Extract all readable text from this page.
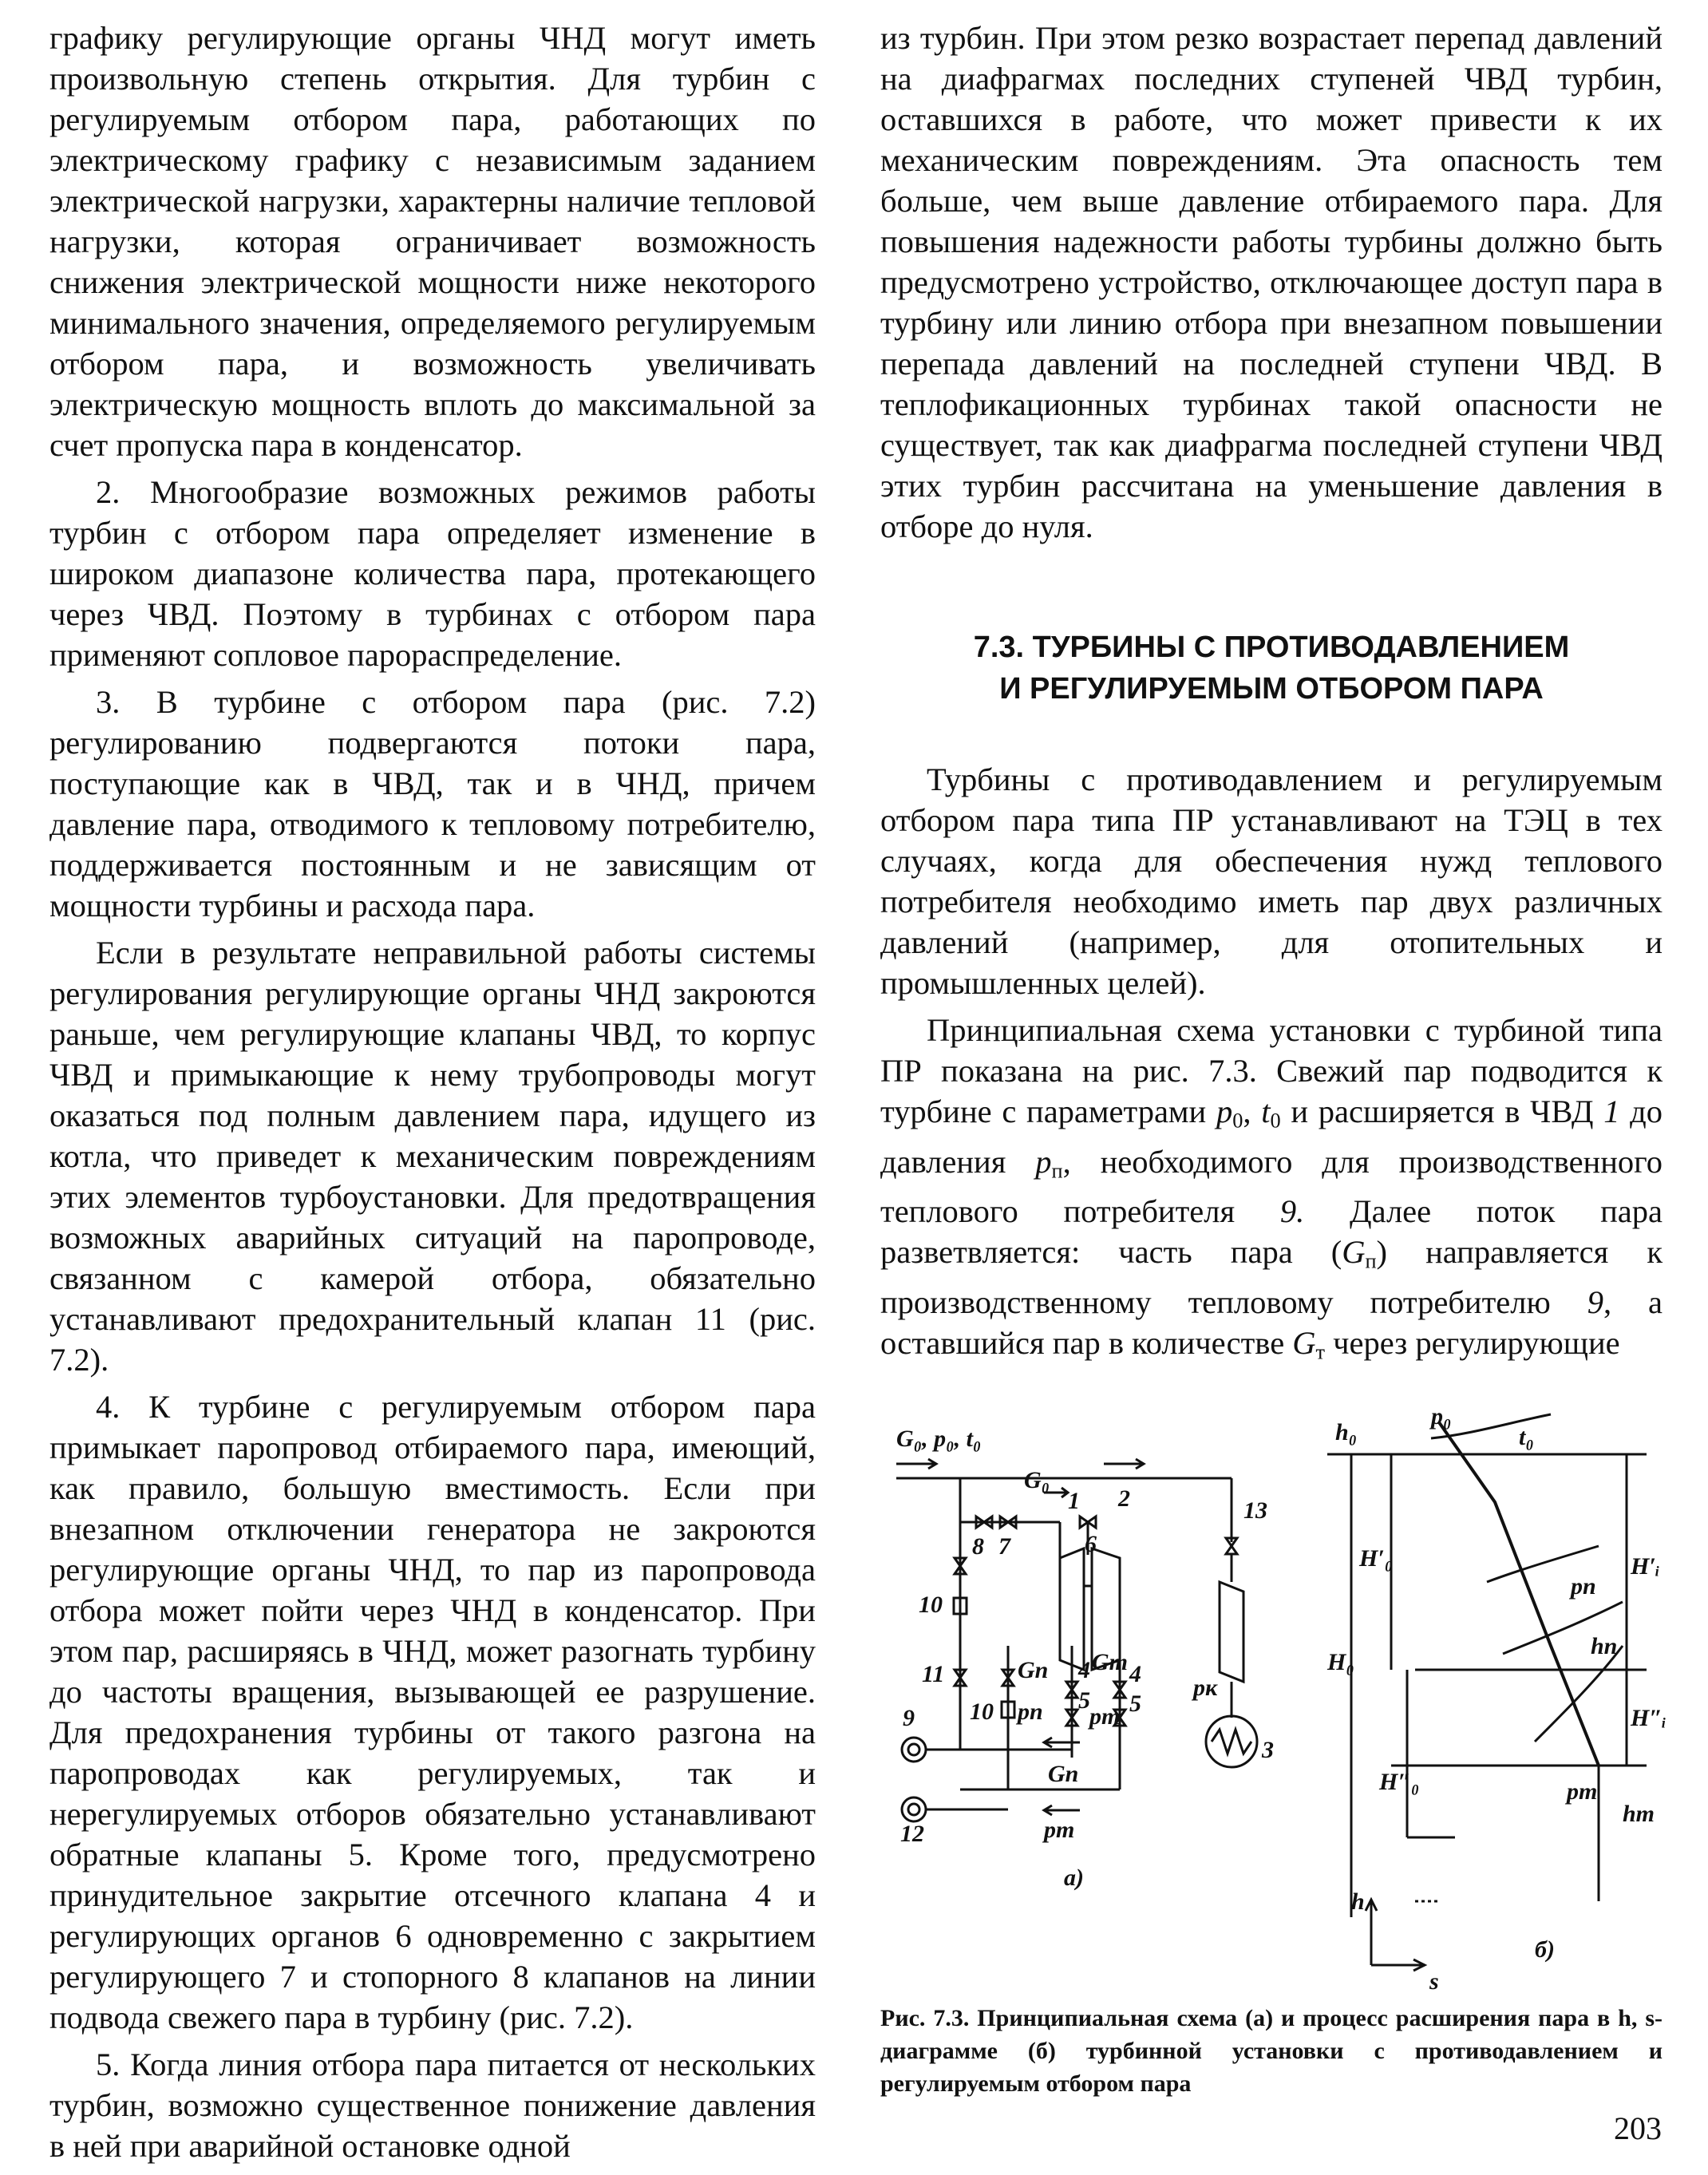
графику регулирующие органы ЧНД могут иметь произвольную степень открытия. Для турбин с регулируемым отбором пара, работающих по электрическому графику с независимым заданием электрической нагрузки, характерны наличие тепловой нагрузки, которая ограничивает возможность снижения электрической мощности ниже некоторого минимального значения, определяемого регулируемым отбором пара, и возможность увеличивать электрическую мощность вплоть до максимальной за счет пропуска пара в конденсатор.

2. Многообразие возможных режимов работы турбин с отбором пара определяет изменение в широком диапазоне количества пара, протекающего через ЧВД. Поэтому в турбинах с отбором пара применяют сопловое парораспределение.

3. В турбине с отбором пара (рис. 7.2) регулированию подвергаются потоки пара, поступающие как в ЧВД, так и в ЧНД, причем давление пара, отводимого к тепловому потребителю, поддерживается постоянным и не зависящим от мощности турбины и расхода пара.

Если в результате неправильной работы системы регулирования регулирующие органы ЧНД закроются раньше, чем регулирующие клапаны ЧВД, то корпус ЧВД и примыкающие к нему трубопроводы могут оказаться под полным давлением пара, идущего из котла, что приведет к механическим повреждениям этих элементов турбоустановки. Для предотвращения возможных аварийных ситуаций на паропроводе, связанном с камерой отбора, обязательно устанавливают предохранительный клапан 11 (рис. 7.2).

4. К турбине с регулируемым отбором пара примыкает паропровод отбираемого пара, имеющий, как правило, большую вместимость. Если при внезапном отключении генератора не закроются регулирующие органы ЧНД, то пар из паропровода отбора может пойти через ЧНД в конденсатор. При этом пар, расширяясь в ЧНД, может разогнать турбину до частоты вращения, вызывающей ее разрушение. Для предохранения турбины от такого разгона на паропроводах как регулируемых, так и нерегулируемых отборов обязательно устанавливают обратные клапаны 5. Кроме того, предусмотрено принудительное закрытие отсечного клапана 4 и регулирующих органов 6 одновременно с закрытием регулирующего 7 и стопорного 8 клапанов на линии подвода свежего пара в турбину (рис. 7.2).

5. Когда линия отбора пара питается от нескольких турбин, возможно существенное понижение давления в ней при аварийной остановке одной

из турбин. При этом резко возрастает перепад давлений на диафрагмах последних ступеней ЧВД турбин, оставшихся в работе, что может привести к их механическим повреждениям. Эта опасность тем больше, чем выше давление отбираемого пара. Для повышения надежности работы турбины должно быть предусмотрено устройство, отключающее доступ пара в турбину или линию отбора при внезапном повышении перепада давлений на последней ступени ЧВД. В теплофикационных турбинах такой опасности не существует, так как диафрагма последней ступени ЧВД этих турбин рассчитана на уменьшение давления в отборе до нуля.

7.3. ТУРБИНЫ С ПРОТИВОДАВЛЕНИЕМ
И РЕГУЛИРУЕМЫМ ОТБОРОМ ПАРА

Турбины с противодавлением и регулируемым отбором пара типа ПР устанавливают на ТЭЦ в тех случаях, когда для обеспечения нужд теплового потребителя необходимо иметь пар двух различных давлений (например, для отопительных и промышленных целей).

Принципиальная схема установки с турбиной типа ПР показана на рис. 7.3. Свежий пар подводится к турбине с параметрами $p_0$, $t_0$ и расширяется в ЧВД 1 до давления $p_п$, необходимого для производственного теплового потребителя 9. Далее поток пара разветвляется: часть пара $(G_п)$ направляется к производственному тепловому потребителю 9, а оставшийся пар в количестве $G_т$ через регулирующие

G₀, p₀, t₀
G₀
1 2
6
8 7
13
10
11
9 10
Gп
pп
4
5
Gт
pт
4
5
pк
3
Gп
pт
12
а)
h₀
p₀
t₀
H₀
H′₀
H″₀
H′ᵢ
H″ᵢ
pп
hп
pт
hт
h
s
б)
Рис. 7.3. Принципиальная схема (а) и процесс расширения пара в h, s-диаграмме (б) турбинной установки с противодавлением и регулируемым отбором пара
203
